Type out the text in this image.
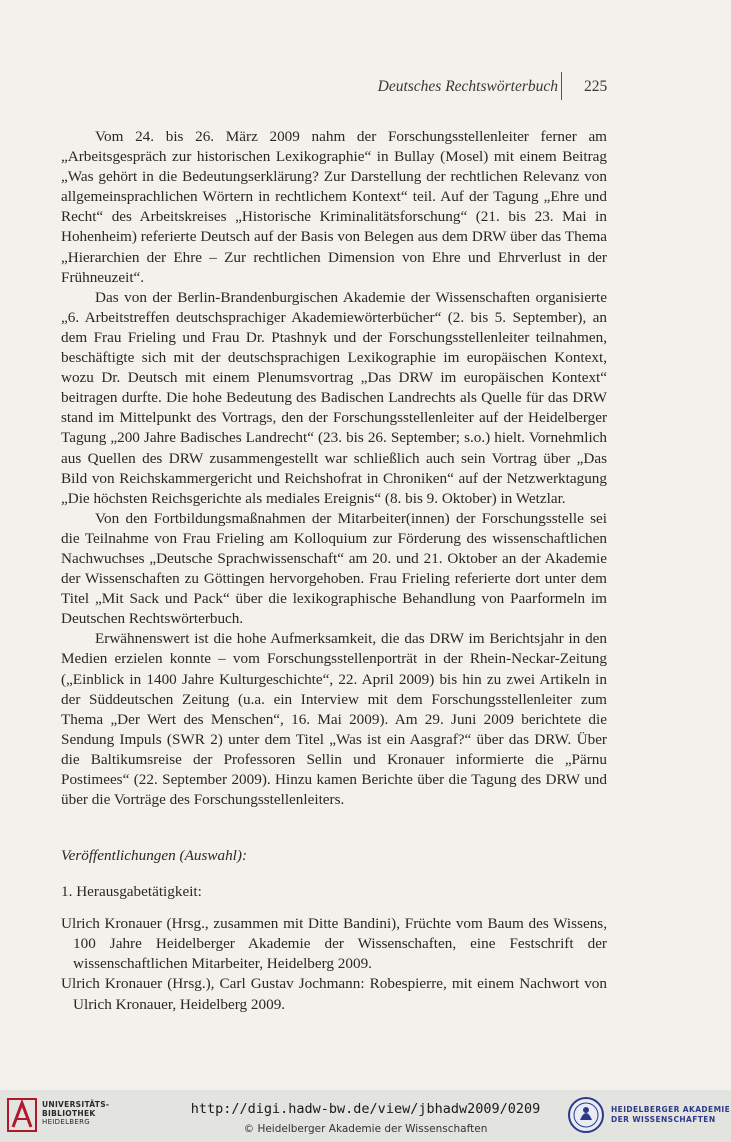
Deutsches Rechtswörterbuch 225

Vom 24. bis 26. März 2009 nahm der Forschungsstellenleiter ferner am „Arbeitsgespräch zur historischen Lexikographie“ in Bullay (Mosel) mit einem Beitrag „Was gehört in die Bedeutungserklärung? Zur Darstellung der rechtlichen Relevanz von allgemeinsprachlichen Wörtern in rechtlichem Kontext“ teil. Auf der Tagung „Ehre und Recht“ des Arbeitskreises „Historische Kriminalitätsforschung“ (21. bis 23. Mai in Hohenheim) referierte Deutsch auf der Basis von Belegen aus dem DRW über das Thema „Hierarchien der Ehre – Zur rechtlichen Dimension von Ehre und Ehrverlust in der Frühneuzeit“.

Das von der Berlin-Brandenburgischen Akademie der Wissenschaften organisierte „6. Arbeitstreffen deutschsprachiger Akademiewörterbücher“ (2. bis 5. September), an dem Frau Frieling und Frau Dr. Ptashnyk und der Forschungsstellenleiter teilnahmen, beschäftigte sich mit der deutschsprachigen Lexikographie im europäischen Kontext, wozu Dr. Deutsch mit einem Plenumsvortrag „Das DRW im europäischen Kontext“ beitragen durfte. Die hohe Bedeutung des Badischen Landrechts als Quelle für das DRW stand im Mittelpunkt des Vortrags, den der Forschungsstellenleiter auf der Heidelberger Tagung „200 Jahre Badisches Landrecht“ (23. bis 26. September; s.o.) hielt. Vornehmlich aus Quellen des DRW zusammengestellt war schließlich auch sein Vortrag über „Das Bild von Reichskammergericht und Reichshofrat in Chroniken“ auf der Netzwerktagung „Die höchsten Reichsgerichte als mediales Ereignis“ (8. bis 9. Oktober) in Wetzlar.

Von den Fortbildungsmaßnahmen der Mitarbeiter(innen) der Forschungsstelle sei die Teilnahme von Frau Frieling am Kolloquium zur Förderung des wissenschaftlichen Nachwuchses „Deutsche Sprachwissenschaft“ am 20. und 21. Oktober an der Akademie der Wissenschaften zu Göttingen hervorgehoben. Frau Frieling referierte dort unter dem Titel „Mit Sack und Pack“ über die lexikographische Behandlung von Paarformeln im Deutschen Rechtswörterbuch.

Erwähnenswert ist die hohe Aufmerksamkeit, die das DRW im Berichtsjahr in den Medien erzielen konnte – vom Forschungsstellenporträt in der Rhein-Neckar-Zeitung („Einblick in 1400 Jahre Kulturgeschichte“, 22. April 2009) bis hin zu zwei Artikeln in der Süddeutschen Zeitung (u.a. ein Interview mit dem Forschungsstellenleiter zum Thema „Der Wert des Menschen“, 16. Mai 2009). Am 29. Juni 2009 berichtete die Sendung Impuls (SWR 2) unter dem Titel „Was ist ein Aasgraf?“ über das DRW. Über die Baltikumsreise der Professoren Sellin und Kronauer informierte die „Pärnu Postimees“ (22. September 2009). Hinzu kamen Berichte über die Tagung des DRW und über die Vorträge des Forschungsstellenleiters.

Veröffentlichungen (Auswahl):

1. Herausgabetätigkeit:

Ulrich Kronauer (Hrsg., zusammen mit Ditte Bandini), Früchte vom Baum des Wissens, 100 Jahre Heidelberger Akademie der Wissenschaften, eine Festschrift der wissenschaftlichen Mitarbeiter, Heidelberg 2009.

Ulrich Kronauer (Hrsg.), Carl Gustav Jochmann: Robespierre, mit einem Nachwort von Ulrich Kronauer, Heidelberg 2009.

UNIVERSITÄTS-
BIBLIOTHEK
HEIDELBERG
http://digi.hadw-bw.de/view/jbhadw2009/0209
© Heidelberger Akademie der Wissenschaften
HEIDELBERGER AKADEMIE
DER WISSENSCHAFTEN
